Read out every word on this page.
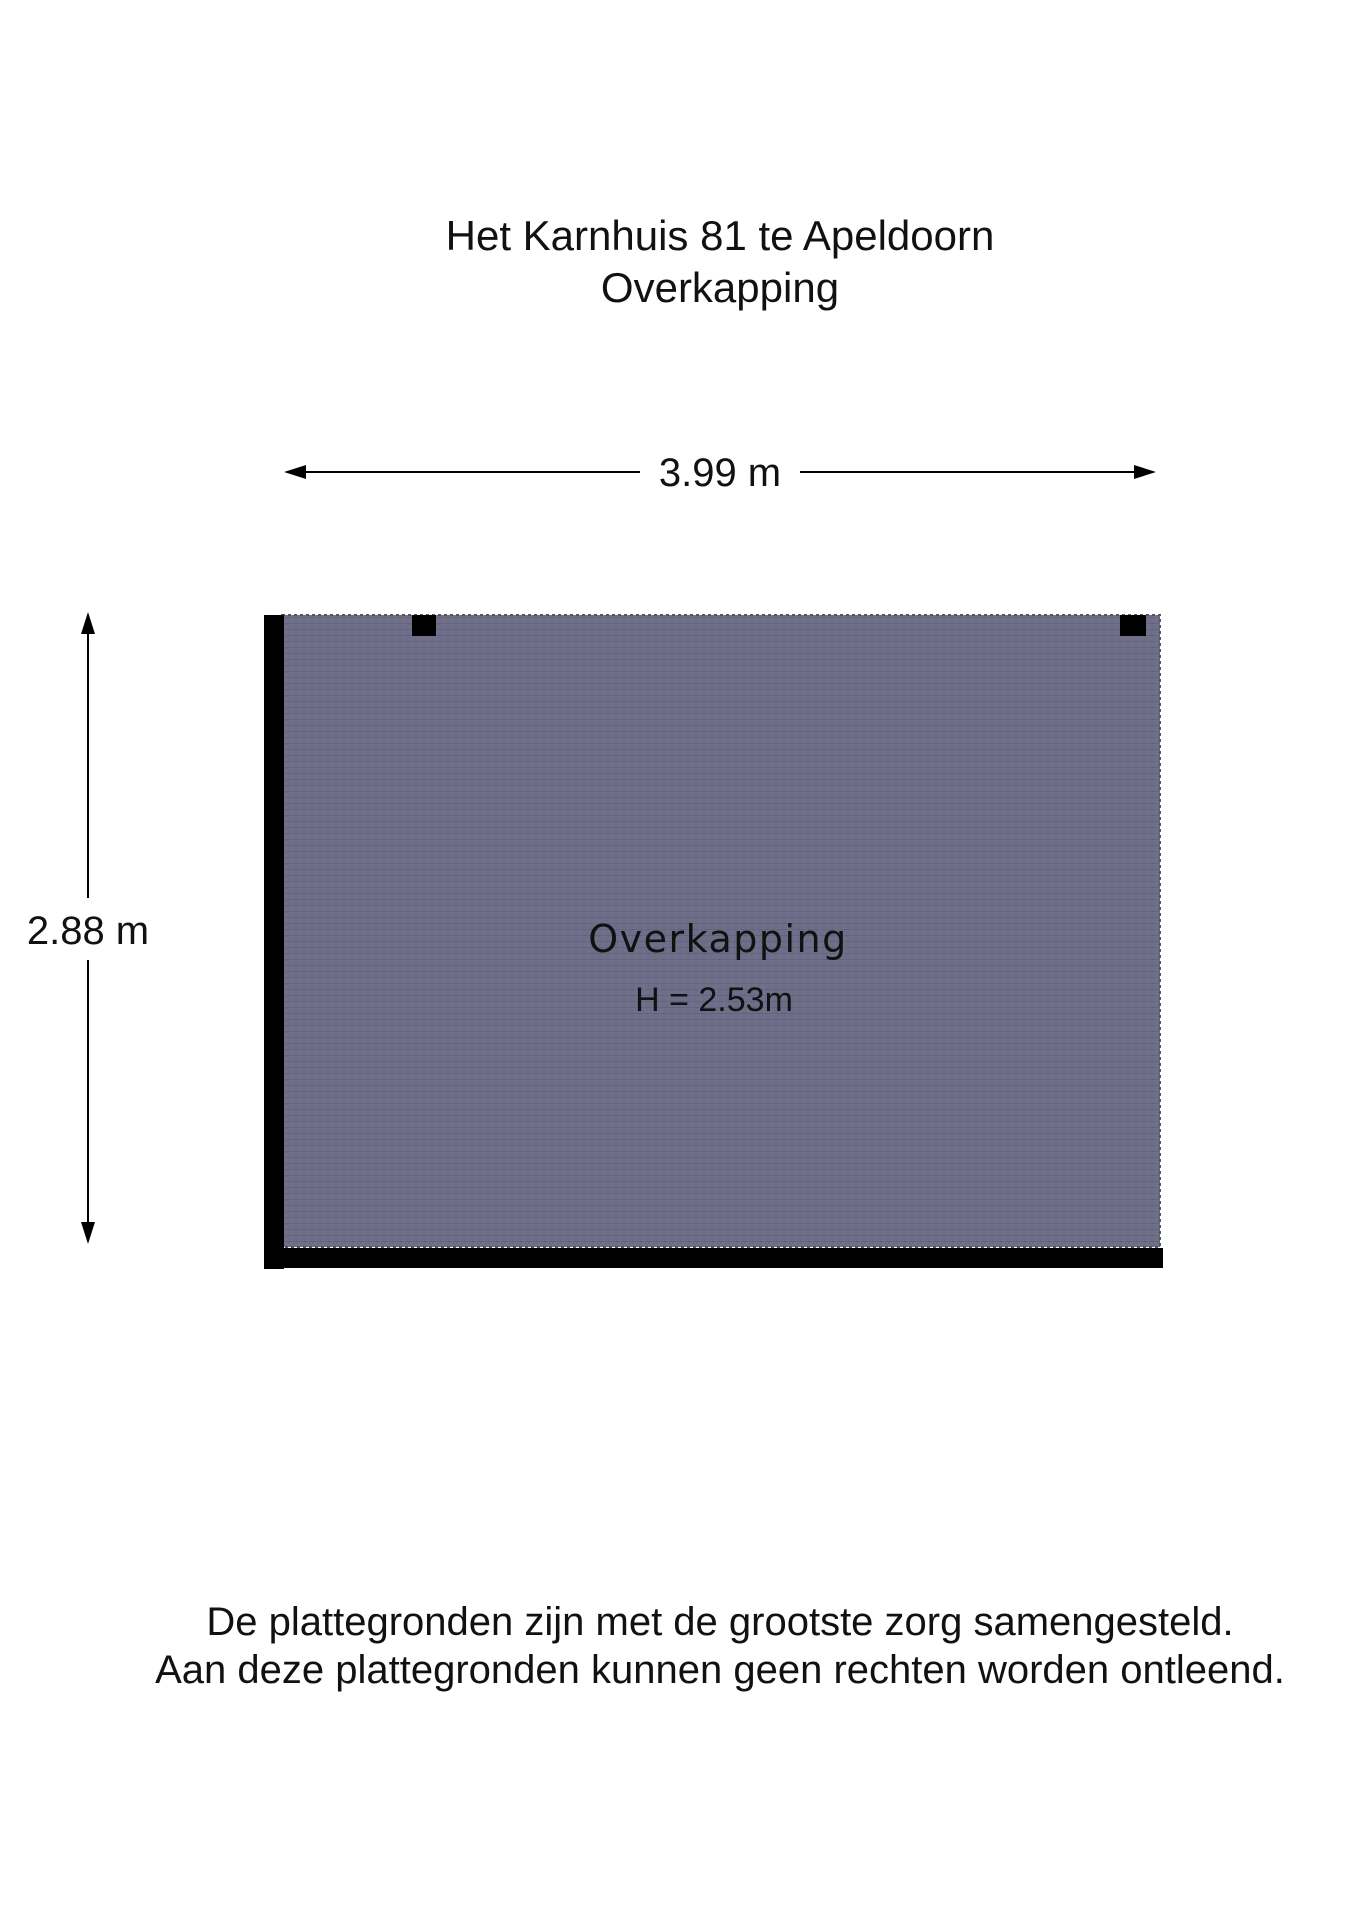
Het Karnhuis 81 te Apeldoorn
Overkapping
3.99 m
2.88 m	Overkapping
H = 2.53m
De plattegronden zijn met de grootste zorg samengesteld.
Aan deze plattegronden kunnen geen rechten worden ontleend.
